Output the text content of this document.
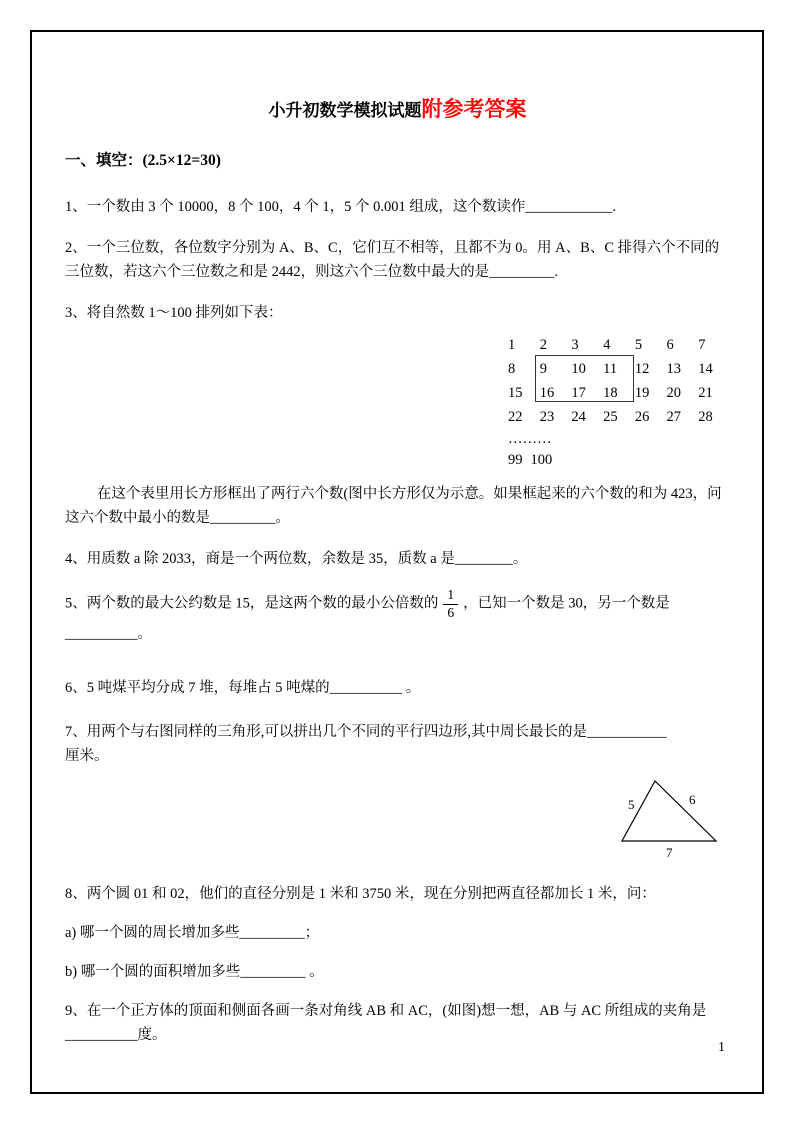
小升初数学模拟试题附参考答案
一、填空：(2.5×12=30)
1、一个数由 3 个 10000，8 个 100，4 个 1，5 个 0.001 组成，这个数读作____________.
2、一个三位数，各位数字分别为 A、B、C，它们互不相等，且都不为 0。用 A、B、C 排得六个不同的三位数，若这六个三位数之和是 2442，则这六个三位数中最大的是_________.
3、将自然数 1～100 排列如下表：
1	2	3	4	5	6	7
8	9	10	11	12	13	14
15	16	17	18	19	20	21
22	23	24	25	26	27	28
………
99 100
在这个表里用长方形框出了两行六个数(图中长方形仅为示意。如果框起来的六个数的和为 423，问这六个数中最小的数是_________。
4、用质数 a 除 2033，商是一个两位数，余数是 35，质数 a 是________。
5、两个数的最大公约数是 15，是这两个数的最小公倍数的 $\frac{1}{6}$ ，已知一个数是 30，另一个数是
__________。
6、5 吨煤平均分成 7 堆，每堆占 5 吨煤的__________ 。
7、用两个与右图同样的三角形,可以拼出几个不同的平行四边形,其中周长最长的是___________
厘米。
5	6
7
8、两个圆 01 和 02，他们的直径分别是 1 米和 3750 米，现在分别把两直径都加长 1 米，问：
a) 哪一个圆的周长增加多些_________；
b) 哪一个圆的面积增加多些_________ 。
9、在一个正方体的顶面和侧面各画一条对角线 AB 和 AC，(如图)想一想，AB 与 AC 所组成的夹角是__________度。
1
